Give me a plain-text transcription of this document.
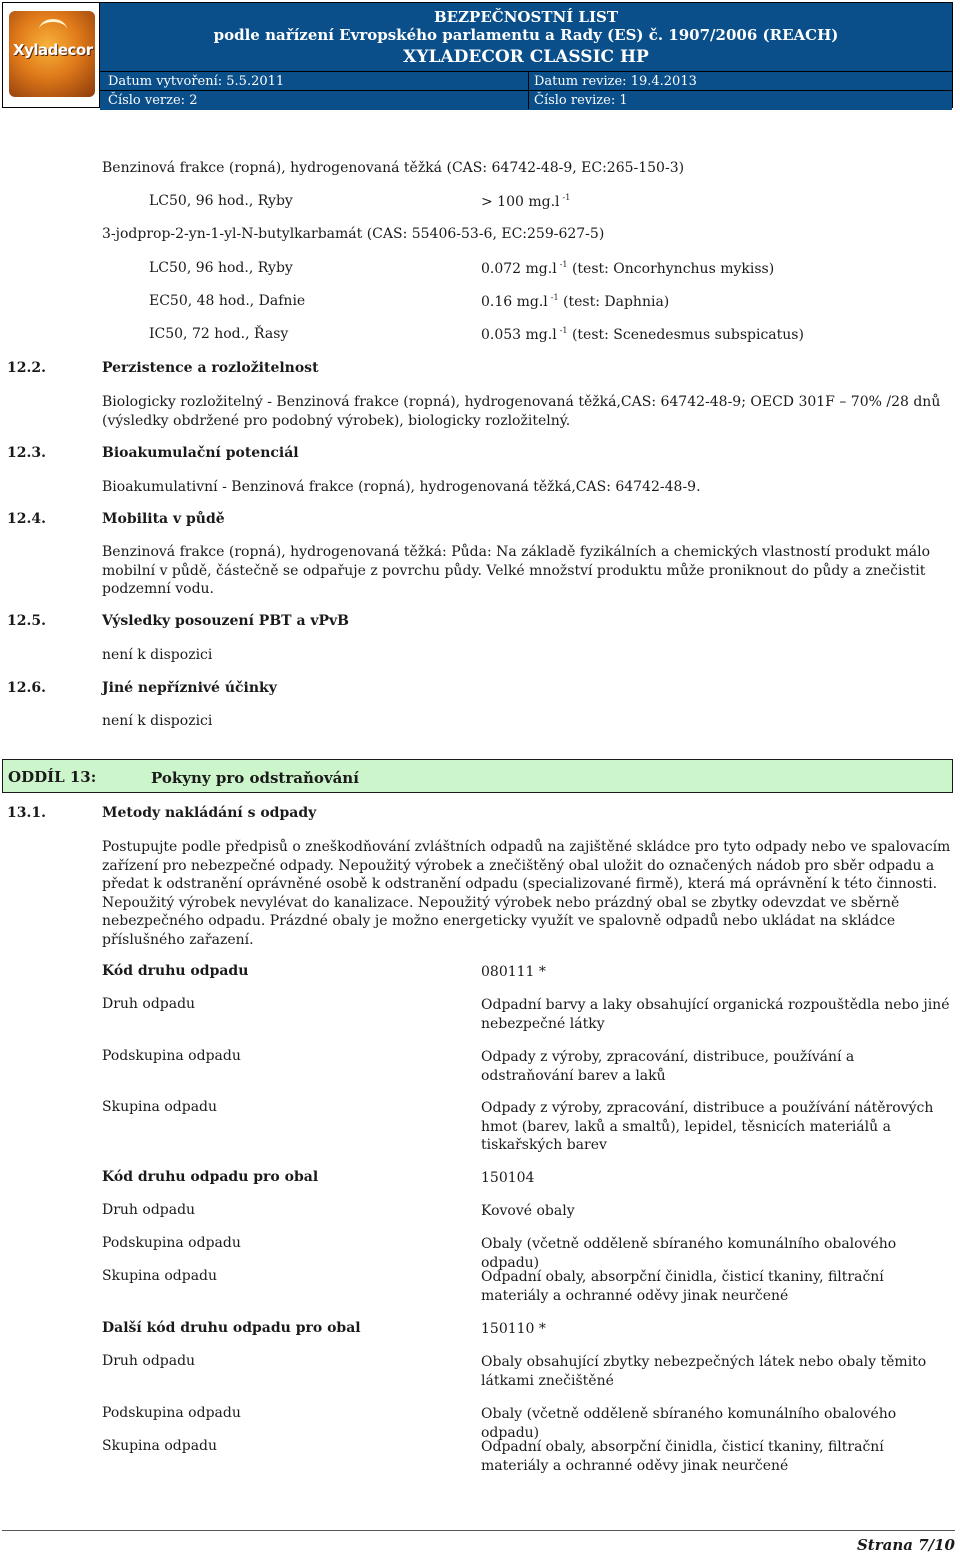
Xyladecor
BEZPEČNOSTNÍ LIST
podle nařízení Evropského parlamentu a Rady (ES) č. 1907/2006 (REACH)
XYLADECOR CLASSIC HP
Datum vytvoření: 5.5.2011	Datum revize: 19.4.2013
Číslo verze: 2	Číslo revize: 1
Benzinová frakce (ropná), hydrogenovaná těžká (CAS: 64742-48-9, EC:265-150-3)
LC50, 96 hod., Ryby	> 100 mg.l $^{-1}$
3-jodprop-2-yn-1-yl-N-butylkarbamát (CAS: 55406-53-6, EC:259-627-5)
LC50, 96 hod., Ryby	0.072 mg.l $^{-1}$ (test: Oncorhynchus mykiss)
EC50, 48 hod., Dafnie	0.16 mg.l $^{-1}$ (test: Daphnia)
IC50, 72 hod., Řasy	0.053 mg.l $^{-1}$ (test: Scenedesmus subspicatus)
12.2.	Perzistence a rozložitelnost
Biologicky rozložitelný - Benzinová frakce (ropná), hydrogenovaná těžká,CAS: 64742-48-9; OECD 301F – 70% /28 dnů (výsledky obdržené pro podobný výrobek), biologicky rozložitelný.
12.3.	Bioakumulační potenciál
Bioakumulativní - Benzinová frakce (ropná), hydrogenovaná těžká,CAS: 64742-48-9.
12.4.	Mobilita v půdě
Benzinová frakce (ropná), hydrogenovaná těžká: Půda: Na základě fyzikálních a chemických vlastností produkt málo mobilní v půdě, částečně se odpařuje z povrchu půdy. Velké množství produktu může proniknout do půdy a znečistit podzemní vodu.
12.5.	Výsledky posouzení PBT a vPvB
není k dispozici
12.6.	Jiné nepříznivé účinky
není k dispozici
ODDÍL 13:	Pokyny pro odstraňování
13.1.	Metody nakládání s odpady
Postupujte podle předpisů o zneškodňování zvláštních odpadů na zajištěné skládce pro tyto odpady nebo ve spalovacím zařízení pro nebezpečné odpady. Nepoužitý výrobek a znečištěný obal uložit do označených nádob pro sběr odpadu a předat k odstranění oprávněné osobě k odstranění odpadu (specializované firmě), která má oprávnění k této činnosti. Nepoužitý výrobek nevylévat do kanalizace. Nepoužitý výrobek nebo prázdný obal se zbytky odevzdat ve sběrně nebezpečného odpadu. Prázdné obaly je možno energeticky využít ve spalovně odpadů nebo ukládat na skládce příslušného zařazení.
Kód druhu odpadu	080111 *
Druh odpadu	Odpadní barvy a laky obsahující organická rozpouštědla nebo jiné nebezpečné látky
Podskupina odpadu	Odpady z výroby, zpracování, distribuce, používání a odstraňování barev a laků
Skupina odpadu	Odpady z výroby, zpracování, distribuce a používání nátěrových hmot (barev, laků a smaltů), lepidel, těsnicích materiálů a tiskařských barev
Kód druhu odpadu pro obal	150104
Druh odpadu	Kovové obaly
Podskupina odpadu	Obaly (včetně odděleně sbíraného komunálního obalového odpadu)
Skupina odpadu	Odpadní obaly, absorpční činidla, čisticí tkaniny, filtrační materiály a ochranné oděvy jinak neurčené
Další kód druhu odpadu pro obal	150110 *
Druh odpadu	Obaly obsahující zbytky nebezpečných látek nebo obaly těmito látkami znečištěné
Podskupina odpadu	Obaly (včetně odděleně sbíraného komunálního obalového odpadu)
Skupina odpadu	Odpadní obaly, absorpční činidla, čisticí tkaniny, filtrační materiály a ochranné oděvy jinak neurčené
Strana 7/10
